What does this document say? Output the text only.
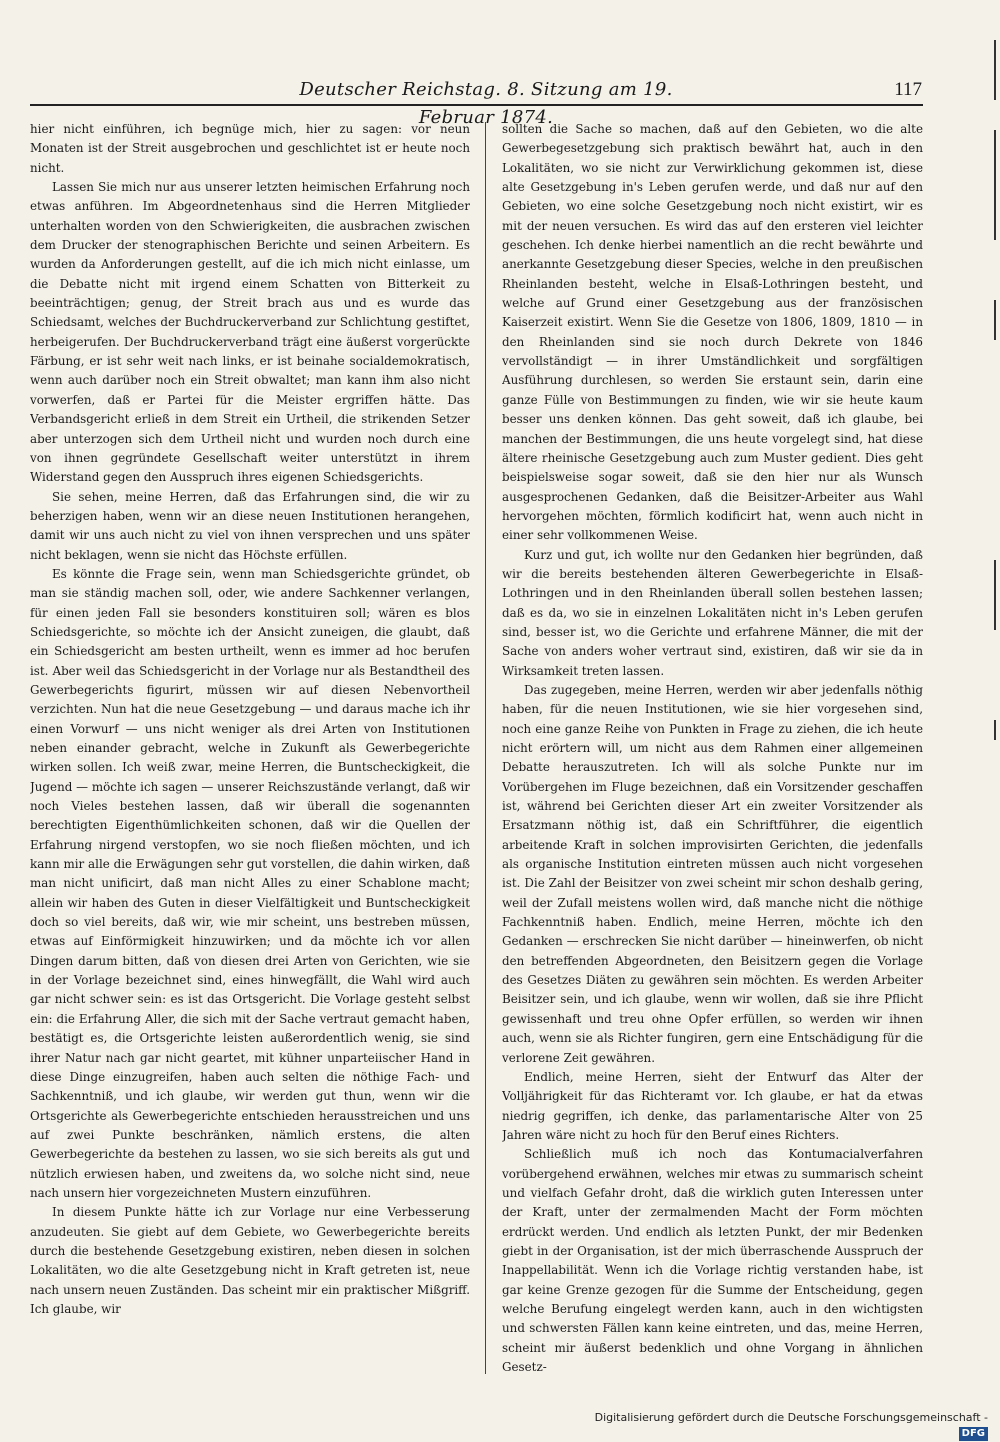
Deutscher Reichstag. 8. Sitzung am 19. Februar 1874.
117

hier nicht einführen, ich begnüge mich, hier zu sagen: vor neun Monaten ist der Streit ausgebrochen und geschlichtet ist er heute noch nicht.

Lassen Sie mich nur aus unserer letzten heimischen Erfahrung noch etwas anführen. Im Abgeordnetenhaus sind die Herren Mitglieder unterhalten worden von den Schwierigkeiten, die ausbrachen zwischen dem Drucker der stenographischen Berichte und seinen Arbeitern. Es wurden da Anforderungen gestellt, auf die ich mich nicht einlasse, um die Debatte nicht mit irgend einem Schatten von Bitterkeit zu beeinträchtigen; genug, der Streit brach aus und es wurde das Schiedsamt, welches der Buchdruckerverband zur Schlichtung gestiftet, herbeigerufen. Der Buchdruckerverband trägt eine äußerst vorgerückte Färbung, er ist sehr weit nach links, er ist beinahe socialdemokratisch, wenn auch darüber noch ein Streit obwaltet; man kann ihm also nicht vorwerfen, daß er Partei für die Meister ergriffen hätte. Das Verbandsgericht erließ in dem Streit ein Urtheil, die strikenden Setzer aber unterzogen sich dem Urtheil nicht und wurden noch durch eine von ihnen gegründete Gesellschaft weiter unterstützt in ihrem Widerstand gegen den Ausspruch ihres eigenen Schiedsgerichts.

Sie sehen, meine Herren, daß das Erfahrungen sind, die wir zu beherzigen haben, wenn wir an diese neuen Institutionen herangehen, damit wir uns auch nicht zu viel von ihnen versprechen und uns später nicht beklagen, wenn sie nicht das Höchste erfüllen.

Es könnte die Frage sein, wenn man Schiedsgerichte gründet, ob man sie ständig machen soll, oder, wie andere Sachkenner verlangen, für einen jeden Fall sie besonders konstituiren soll; wären es blos Schiedsgerichte, so möchte ich der Ansicht zuneigen, die glaubt, daß ein Schiedsgericht am besten urtheilt, wenn es immer ad hoc berufen ist. Aber weil das Schiedsgericht in der Vorlage nur als Bestandtheil des Gewerbegerichts figurirt, müssen wir auf diesen Nebenvortheil verzichten. Nun hat die neue Gesetzgebung — und daraus mache ich ihr einen Vorwurf — uns nicht weniger als drei Arten von Institutionen neben einander gebracht, welche in Zukunft als Gewerbegerichte wirken sollen. Ich weiß zwar, meine Herren, die Buntscheckigkeit, die Jugend — möchte ich sagen — unserer Reichszustände verlangt, daß wir noch Vieles bestehen lassen, daß wir überall die sogenannten berechtigten Eigenthümlichkeiten schonen, daß wir die Quellen der Erfahrung nirgend verstopfen, wo sie noch fließen möchten, und ich kann mir alle die Erwägungen sehr gut vorstellen, die dahin wirken, daß man nicht unificirt, daß man nicht Alles zu einer Schablone macht; allein wir haben des Guten in dieser Vielfältigkeit und Buntscheckigkeit doch so viel bereits, daß wir, wie mir scheint, uns bestreben müssen, etwas auf Einförmigkeit hinzuwirken; und da möchte ich vor allen Dingen darum bitten, daß von diesen drei Arten von Gerichten, wie sie in der Vorlage bezeichnet sind, eines hinwegfällt, die Wahl wird auch gar nicht schwer sein: es ist das Ortsgericht. Die Vorlage gesteht selbst ein: die Erfahrung Aller, die sich mit der Sache vertraut gemacht haben, bestätigt es, die Ortsgerichte leisten außerordentlich wenig, sie sind ihrer Natur nach gar nicht geartet, mit kühner unparteiischer Hand in diese Dinge einzugreifen, haben auch selten die nöthige Fach- und Sachkenntniß, und ich glaube, wir werden gut thun, wenn wir die Ortsgerichte als Gewerbegerichte entschieden herausstreichen und uns auf zwei Punkte beschränken, nämlich erstens, die alten Gewerbegerichte da bestehen zu lassen, wo sie sich bereits als gut und nützlich erwiesen haben, und zweitens da, wo solche nicht sind, neue nach unsern hier vorgezeichneten Mustern einzuführen.

In diesem Punkte hätte ich zur Vorlage nur eine Verbesserung anzudeuten. Sie giebt auf dem Gebiete, wo Gewerbegerichte bereits durch die bestehende Gesetzgebung existiren, neben diesen in solchen Lokalitäten, wo die alte Gesetzgebung nicht in Kraft getreten ist, neue nach unsern neuen Zuständen. Das scheint mir ein praktischer Mißgriff. Ich glaube, wir

sollten die Sache so machen, daß auf den Gebieten, wo die alte Gewerbegesetzgebung sich praktisch bewährt hat, auch in den Lokalitäten, wo sie nicht zur Verwirklichung gekommen ist, diese alte Gesetzgebung in's Leben gerufen werde, und daß nur auf den Gebieten, wo eine solche Gesetzgebung noch nicht existirt, wir es mit der neuen versuchen. Es wird das auf den ersteren viel leichter geschehen. Ich denke hierbei namentlich an die recht bewährte und anerkannte Gesetzgebung dieser Species, welche in den preußischen Rheinlanden besteht, welche in Elsaß-Lothringen besteht, und welche auf Grund einer Gesetzgebung aus der französischen Kaiserzeit existirt. Wenn Sie die Gesetze von 1806, 1809, 1810 — in den Rheinlanden sind sie noch durch Dekrete von 1846 vervollständigt — in ihrer Umständlichkeit und sorgfältigen Ausführung durchlesen, so werden Sie erstaunt sein, darin eine ganze Fülle von Bestimmungen zu finden, wie wir sie heute kaum besser uns denken können. Das geht soweit, daß ich glaube, bei manchen der Bestimmungen, die uns heute vorgelegt sind, hat diese ältere rheinische Gesetzgebung auch zum Muster gedient. Dies geht beispielsweise sogar soweit, daß sie den hier nur als Wunsch ausgesprochenen Gedanken, daß die Beisitzer-Arbeiter aus Wahl hervorgehen möchten, förmlich kodificirt hat, wenn auch nicht in einer sehr vollkommenen Weise.

Kurz und gut, ich wollte nur den Gedanken hier begründen, daß wir die bereits bestehenden älteren Gewerbegerichte in Elsaß-Lothringen und in den Rheinlanden überall sollen bestehen lassen; daß es da, wo sie in einzelnen Lokalitäten nicht in's Leben gerufen sind, besser ist, wo die Gerichte und erfahrene Männer, die mit der Sache von anders woher vertraut sind, existiren, daß wir sie da in Wirksamkeit treten lassen.

Das zugegeben, meine Herren, werden wir aber jedenfalls nöthig haben, für die neuen Institutionen, wie sie hier vorgesehen sind, noch eine ganze Reihe von Punkten in Frage zu ziehen, die ich heute nicht erörtern will, um nicht aus dem Rahmen einer allgemeinen Debatte herauszutreten. Ich will als solche Punkte nur im Vorübergehen im Fluge bezeichnen, daß ein Vorsitzender geschaffen ist, während bei Gerichten dieser Art ein zweiter Vorsitzender als Ersatzmann nöthig ist, daß ein Schriftführer, die eigentlich arbeitende Kraft in solchen improvisirten Gerichten, die jedenfalls als organische Institution eintreten müssen auch nicht vorgesehen ist. Die Zahl der Beisitzer von zwei scheint mir schon deshalb gering, weil der Zufall meistens wollen wird, daß manche nicht die nöthige Fachkenntniß haben. Endlich, meine Herren, möchte ich den Gedanken — erschrecken Sie nicht darüber — hineinwerfen, ob nicht den betreffenden Abgeordneten, den Beisitzern gegen die Vorlage des Gesetzes Diäten zu gewähren sein möchten. Es werden Arbeiter Beisitzer sein, und ich glaube, wenn wir wollen, daß sie ihre Pflicht gewissenhaft und treu ohne Opfer erfüllen, so werden wir ihnen auch, wenn sie als Richter fungiren, gern eine Entschädigung für die verlorene Zeit gewähren.

Endlich, meine Herren, sieht der Entwurf das Alter der Volljährigkeit für das Richteramt vor. Ich glaube, er hat da etwas niedrig gegriffen, ich denke, das parlamentarische Alter von 25 Jahren wäre nicht zu hoch für den Beruf eines Richters.

Schließlich muß ich noch das Kontumacialverfahren vorübergehend erwähnen, welches mir etwas zu summarisch scheint und vielfach Gefahr droht, daß die wirklich guten Interessen unter der Kraft, unter der zermalmenden Macht der Form möchten erdrückt werden. Und endlich als letzten Punkt, der mir Bedenken giebt in der Organisation, ist der mich überraschende Ausspruch der Inappellabilität. Wenn ich die Vorlage richtig verstanden habe, ist gar keine Grenze gezogen für die Summe der Entscheidung, gegen welche Berufung eingelegt werden kann, auch in den wichtigsten und schwersten Fällen kann keine eintreten, und das, meine Herren, scheint mir äußerst bedenklich und ohne Vorgang in ähnlichen Gesetz-

Digitalisierung gefördert durch die Deutsche Forschungsgemeinschaft -DFG
